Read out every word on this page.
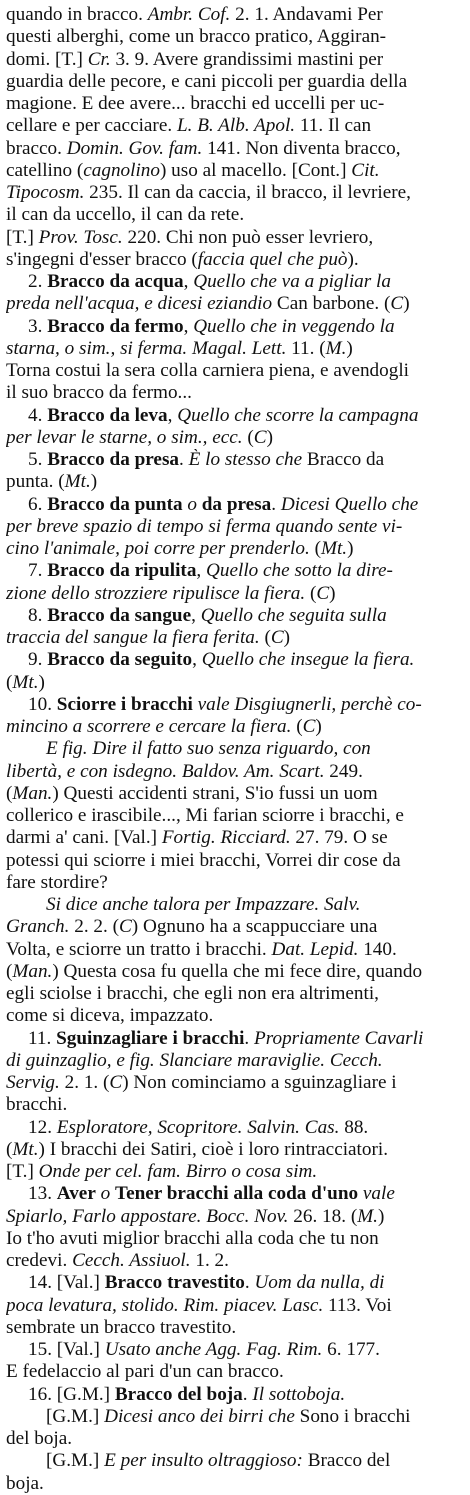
quando in bracco. Ambr. Cof. 2. 1. Andavami Per
questi alberghi, come un bracco pratico, Aggiran-
domi. [T.] Cr. 3. 9. Avere grandissimi mastini per
guardia delle pecore, e cani piccoli per guardia della
magione. E dee avere... bracchi ed uccelli per uc-
cellare e per cacciare. L. B. Alb. Apol. 11. Il can
bracco. Domin. Gov. fam. 141. Non diventa bracco,
catellino (cagnolino) uso al macello. [Cont.] Cit.
Tipocosm. 235. Il can da caccia, il bracco, il levriere,
il can da uccello, il can da rete.
[T.] Prov. Tosc. 220. Chi non può esser levriero,
s'ingegni d'esser bracco (faccia quel che può).
2. Bracco da acqua, Quello che va a pigliar la
preda nell'acqua, e dicesi eziandio Can barbone. (C)
3. Bracco da fermo, Quello che in veggendo la
starna, o sim., si ferma. Magal. Lett. 11. (M.)
Torna costui la sera colla carniera piena, e avendogli
il suo bracco da fermo...
4. Bracco da leva, Quello che scorre la campagna
per levar le starne, o sim., ecc. (C)
5. Bracco da presa. È lo stesso che Bracco da
punta. (Mt.)
6. Bracco da punta o da presa. Dicesi Quello che
per breve spazio di tempo si ferma quando sente vi-
cino l'animale, poi corre per prenderlo. (Mt.)
7. Bracco da ripulita, Quello che sotto la dire-
zione dello strozziere ripulisce la fiera. (C)
8. Bracco da sangue, Quello che seguita sulla
traccia del sangue la fiera ferita. (C)
9. Bracco da seguito, Quello che insegue la fiera.
(Mt.)
10. Sciorre i bracchi vale Disgiugnerli, perchè co-
mincino a scorrere e cercare la fiera. (C)
E fig. Dire il fatto suo senza riguardo, con
libertà, e con isdegno. Baldov. Am. Scart. 249.
(Man.) Questi accidenti strani, S'io fussi un uom
collerico e irascibile..., Mi farian sciorre i bracchi, e
darmi a' cani. [Val.] Fortig. Ricciard. 27. 79. O se
potessi qui sciorre i miei bracchi, Vorrei dir cose da
fare stordire?
Si dice anche talora per Impazzare. Salv.
Granch. 2. 2. (C) Ognuno ha a scappucciare una
Volta, e sciorre un tratto i bracchi. Dat. Lepid. 140.
(Man.) Questa cosa fu quella che mi fece dire, quando
egli sciolse i bracchi, che egli non era altrimenti,
come si diceva, impazzato.
11. Sguinzagliare i bracchi. Propriamente Cavarli
di guinzaglio, e fig. Slanciare maraviglie. Cecch.
Servig. 2. 1. (C) Non cominciamo a sguinzagliare i
bracchi.
12. Esploratore, Scopritore. Salvin. Cas. 88.
(Mt.) I bracchi dei Satiri, cioè i loro rintracciatori.
[T.] Onde per cel. fam. Birro o cosa sim.
13. Aver o Tener bracchi alla coda d'uno vale
Spiarlo, Farlo appostare. Bocc. Nov. 26. 18. (M.)
Io t'ho avuti miglior bracchi alla coda che tu non
credevi. Cecch. Assiuol. 1. 2.
14. [Val.] Bracco travestito. Uom da nulla, di
poca levatura, stolido. Rim. piacev. Lasc. 113. Voi
sembrate un bracco travestito.
15. [Val.] Usato anche Agg. Fag. Rim. 6. 177.
E fedelaccio al pari d'un can bracco.
16. [G.M.] Bracco del boja. Il sottoboja.
[G.M.] Dicesi anco dei birri che Sono i bracchi
del boja.
[G.M.] E per insulto oltraggioso: Bracco del
boja.
